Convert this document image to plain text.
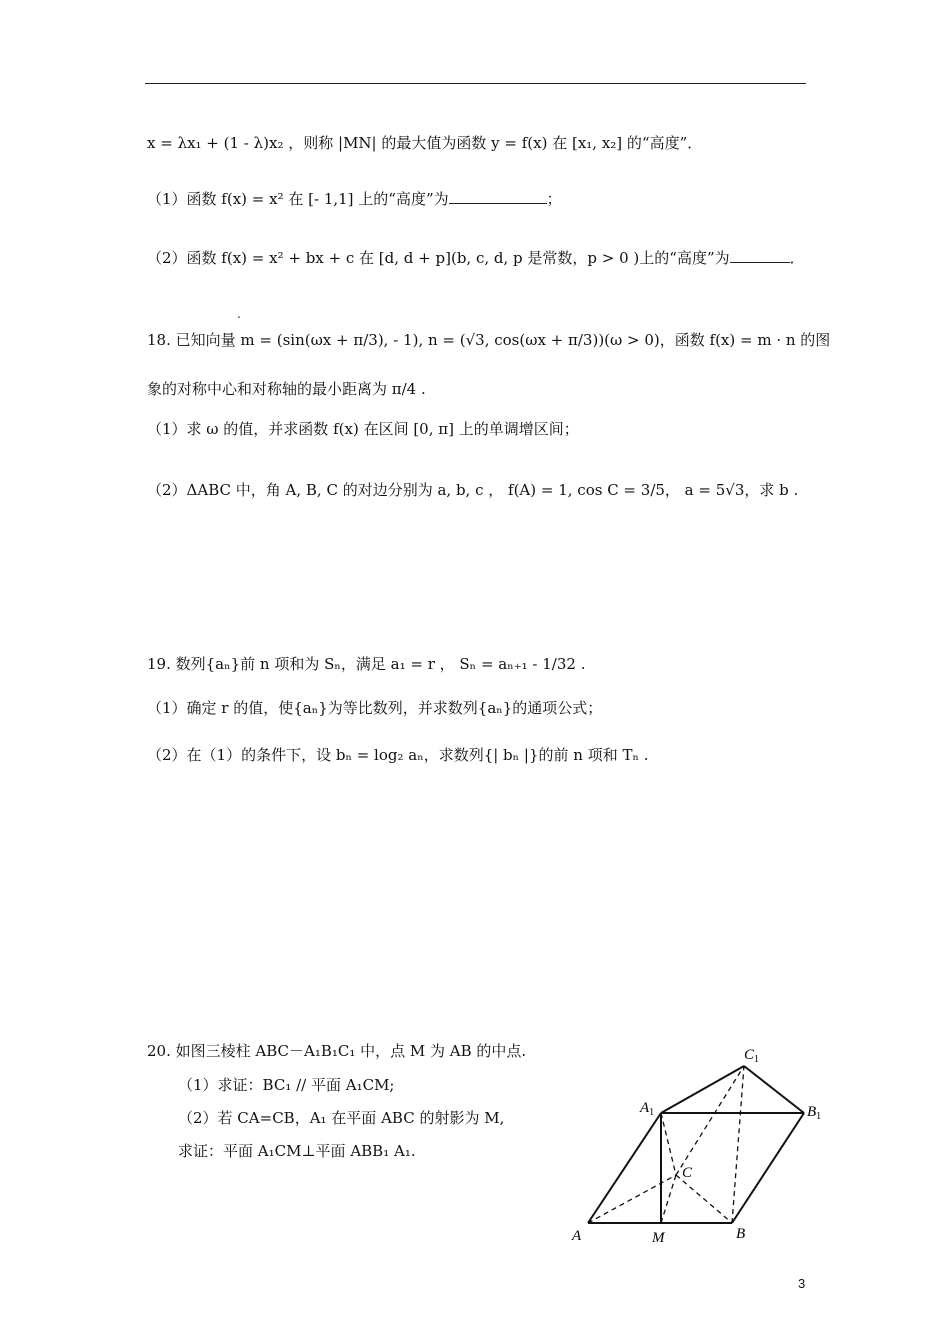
x = λx₁ + (1 - λ)x₂ ，则称 |MN| 的最大值为函数 y = f(x) 在 [x₁, x₂] 的“高度”．
（1）函数 f(x) = x² 在 [- 1,1] 上的“高度”为	；
（2）函数 f(x) = x² + bx + c 在 [d, d + p](b, c, d, p 是常数，p > 0 )上的“高度”为	．
.
18. 已知向量 m = (sin(ωx + π/3), - 1), n = (√3, cos(ωx + π/3))(ω > 0)，函数 f(x) = m · n 的图
象的对称中心和对称轴的最小距离为 π/4 .
（1）求 ω 的值，并求函数 f(x) 在区间 [0, π] 上的单调增区间；
（2）ΔABC 中，角 A, B, C 的对边分别为 a, b, c ， f(A) = 1, cos C = 3/5， a = 5√3，求 b .
19. 数列{aₙ}前 n 项和为 Sₙ，满足 a₁ = r ， Sₙ = aₙ₊₁ - 1/32 .
（1）确定 r 的值，使{aₙ}为等比数列，并求数列{aₙ}的通项公式；
（2）在（1）的条件下，设 bₙ = log₂ aₙ，求数列{| bₙ |}的前 n 项和 Tₙ .
20. 如图三棱柱 ABC－A₁B₁C₁ 中，点 M 为 AB 的中点.
（1）求证：BC₁ // 平面 A₁CM;
（2）若 CA=CB，A₁ 在平面 ABC 的射影为 M,
求证：平面 A₁CM⊥平面 ABB₁ A₁.
A	M	B
C
$A_1$	$B_1$
$C_1$
3
